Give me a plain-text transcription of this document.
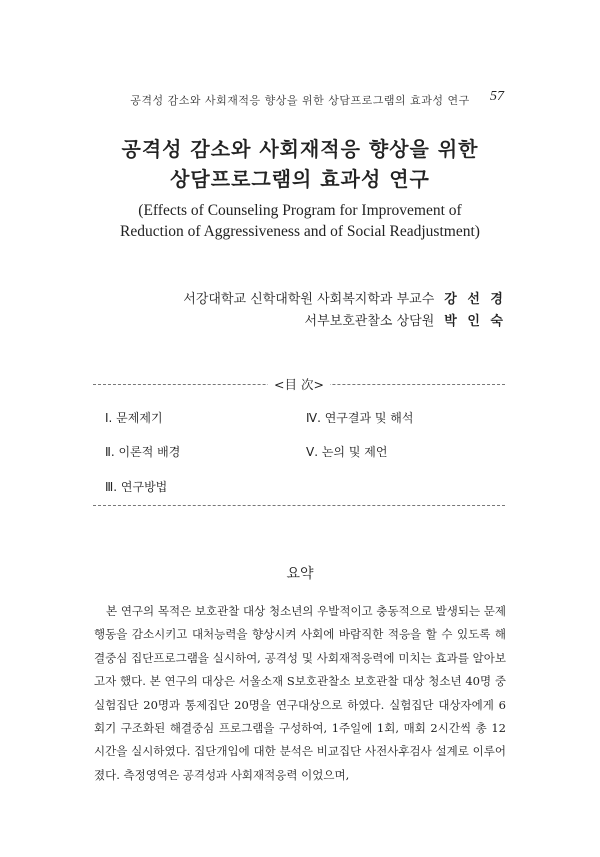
공격성 감소와 사회재적응 향상을 위한 상담프로그램의 효과성 연구	57
공격성 감소와 사회재적응 향상을 위한
상담프로그램의 효과성 연구
(Effects of Counseling Program for Improvement of
Reduction of Aggressiveness and of Social Readjustment)
서강대학교 신학대학원 사회복지학과 부교수 강 선 경
서부보호관찰소 상담원 박 인 숙
<目 次>
Ⅰ. 문제제기
Ⅱ. 이론적 배경
Ⅲ. 연구방법
Ⅳ. 연구결과 및 해석
Ⅴ. 논의 및 제언
요약

본 연구의 목적은 보호관찰 대상 청소년의 우발적이고 충동적으로 발생되는 문제행동을 감소시키고 대처능력을 향상시켜 사회에 바람직한 적응을 할 수 있도록 해결중심 집단프로그램을 실시하여, 공격성 및 사회재적응력에 미치는 효과를 알아보고자 했다. 본 연구의 대상은 서울소재 S보호관찰소 보호관찰 대상 청소년 40명 중 실험집단 20명과 통제집단 20명을 연구대상으로 하였다. 실험집단 대상자에게 6회기 구조화된 해결중심 프로그램을 구성하여, 1주일에 1회, 매회 2시간씩 총 12시간을 실시하였다. 집단개입에 대한 분석은 비교집단 사전사후검사 설계로 이루어졌다. 측정영역은 공격성과 사회재적응력 이었으며,
